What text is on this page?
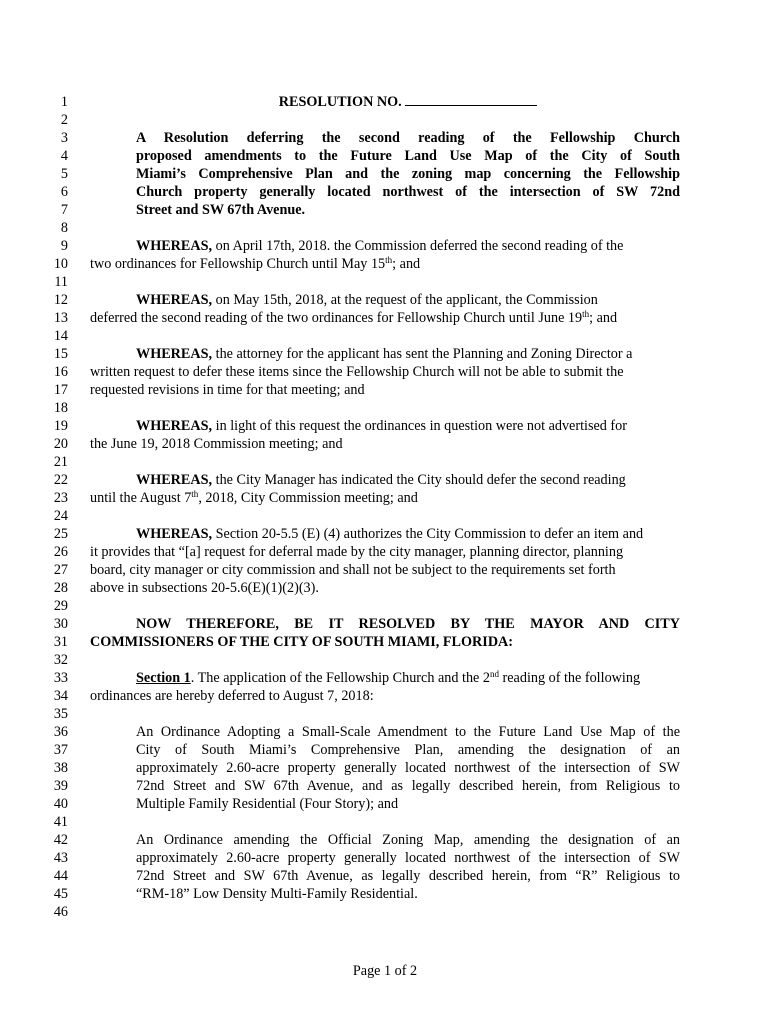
1
2
3
4
5
6
7
8
9
10
11
12
13
14
15
16
17
18
19
20
21
22
23
24
25
26
27
28
29
30
31
32
33
34
35
36
37
38
39
40
41
42
43
44
45
46
RESOLUTION NO.
A Resolution deferring the second reading of the Fellowship Church
proposed amendments to the Future Land Use Map of the City of South
Miami’s Comprehensive Plan and the zoning map concerning the Fellowship
Church property generally located northwest of the intersection of SW 72nd
Street and SW 67th Avenue.
WHEREAS, on April 17th, 2018. the Commission deferred the second reading of the
two ordinances for Fellowship Church until May 15th; and
WHEREAS, on May 15th, 2018, at the request of the applicant, the Commission
deferred the second reading of the two ordinances for Fellowship Church until June 19th; and
WHEREAS, the attorney for the applicant has sent the Planning and Zoning Director a
written request to defer these items since the Fellowship Church will not be able to submit the
requested revisions in time for that meeting; and
WHEREAS, in light of this request the ordinances in question were not advertised for
the June 19, 2018 Commission meeting; and
WHEREAS, the City Manager has indicated the City should defer the second reading
until the August 7th, 2018, City Commission meeting; and
WHEREAS, Section 20-5.5 (E) (4) authorizes the City Commission to defer an item and
it provides that “[a] request for deferral made by the city manager, planning director, planning
board, city manager or city commission and shall not be subject to the requirements set forth
above in subsections 20-5.6(E)(1)(2)(3).
NOW THEREFORE, BE IT RESOLVED BY THE MAYOR AND CITY
COMMISSIONERS OF THE CITY OF SOUTH MIAMI, FLORIDA:
Section 1. The application of the Fellowship Church and the 2nd reading of the following
ordinances are hereby deferred to August 7, 2018:
An Ordinance Adopting a Small-Scale Amendment to the Future Land Use Map of the
City of South Miami’s Comprehensive Plan, amending the designation of an
approximately 2.60-acre property generally located northwest of the intersection of SW
72nd Street and SW 67th Avenue, and as legally described herein, from Religious to
Multiple Family Residential (Four Story); and
An Ordinance amending the Official Zoning Map, amending the designation of an
approximately 2.60-acre property generally located northwest of the intersection of SW
72nd Street and SW 67th Avenue, as legally described herein, from “R” Religious to
“RM-18” Low Density Multi-Family Residential.
Page 1 of 2
